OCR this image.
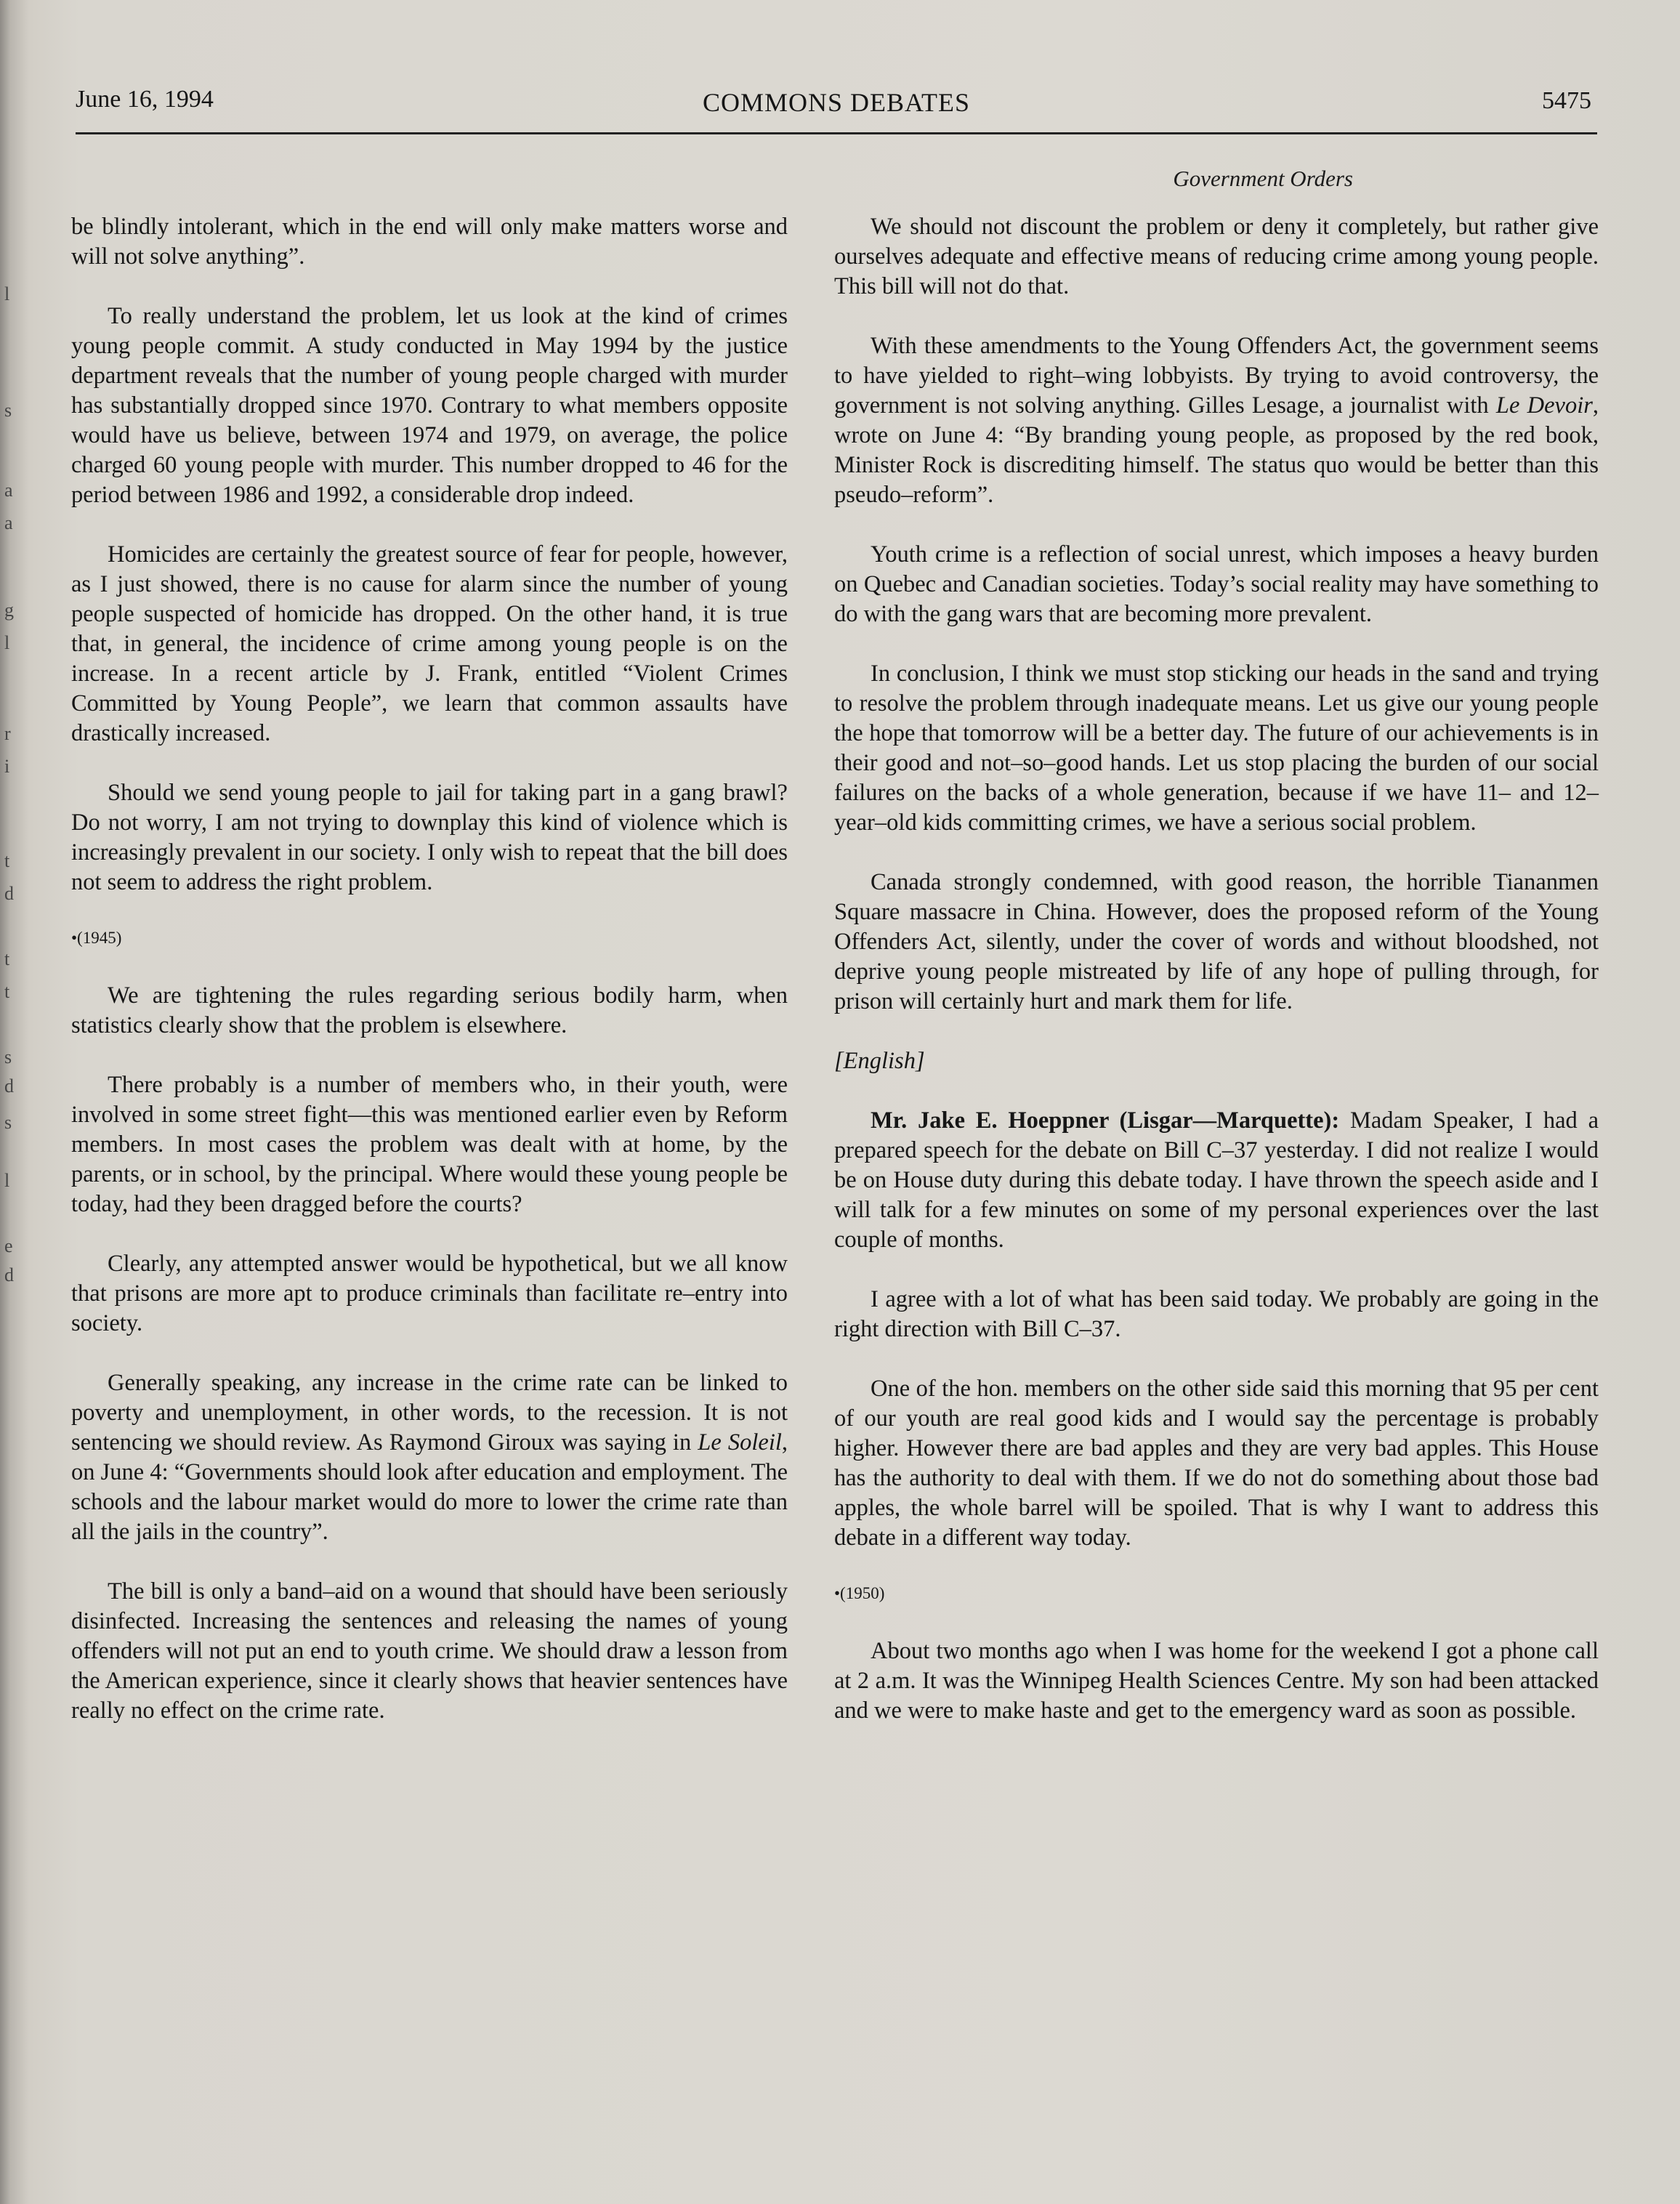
l
s
a
a
g
l
r
i
t
d
t
t
s
d
s
l
e
d
June 16, 1994	COMMONS DEBATES	5475
Government Orders

be blindly intolerant, which in the end will only make matters worse and will not solve anything”.

To really understand the problem, let us look at the kind of crimes young people commit. A study conducted in May 1994 by the justice department reveals that the number of young people charged with murder has substantially dropped since 1970. Contrary to what members opposite would have us believe, between 1974 and 1979, on average, the police charged 60 young people with murder. This number dropped to 46 for the period between 1986 and 1992, a considerable drop indeed.

Homicides are certainly the greatest source of fear for people, however, as I just showed, there is no cause for alarm since the number of young people suspected of homicide has dropped. On the other hand, it is true that, in general, the incidence of crime among young people is on the increase. In a recent article by J. Frank, entitled “Violent Crimes Committed by Young People”, we learn that common assaults have drastically increased.

Should we send young people to jail for taking part in a gang brawl? Do not worry, I am not trying to downplay this kind of violence which is increasingly prevalent in our society. I only wish to repeat that the bill does not seem to address the right problem.

•(1945)

We are tightening the rules regarding serious bodily harm, when statistics clearly show that the problem is elsewhere.

There probably is a number of members who, in their youth, were involved in some street fight—this was mentioned earlier even by Reform members. In most cases the problem was dealt with at home, by the parents, or in school, by the principal. Where would these young people be today, had they been dragged before the courts?

Clearly, any attempted answer would be hypothetical, but we all know that prisons are more apt to produce criminals than facilitate re–entry into society.

Generally speaking, any increase in the crime rate can be linked to poverty and unemployment, in other words, to the recession. It is not sentencing we should review. As Raymond Giroux was saying in Le Soleil, on June 4: “Governments should look after education and employment. The schools and the labour market would do more to lower the crime rate than all the jails in the country”.

The bill is only a band–aid on a wound that should have been seriously disinfected. Increasing the sentences and releasing the names of young offenders will not put an end to youth crime. We should draw a lesson from the American experience, since it clearly shows that heavier sentences have really no effect on the crime rate.

We should not discount the problem or deny it completely, but rather give ourselves adequate and effective means of reducing crime among young people. This bill will not do that.

With these amendments to the Young Offenders Act, the government seems to have yielded to right–wing lobbyists. By trying to avoid controversy, the government is not solving anything. Gilles Lesage, a journalist with Le Devoir, wrote on June 4: “By branding young people, as proposed by the red book, Minister Rock is discrediting himself. The status quo would be better than this pseudo–reform”.

Youth crime is a reflection of social unrest, which imposes a heavy burden on Quebec and Canadian societies. Today’s social reality may have something to do with the gang wars that are becoming more prevalent.

In conclusion, I think we must stop sticking our heads in the sand and trying to resolve the problem through inadequate means. Let us give our young people the hope that tomorrow will be a better day. The future of our achievements is in their good and not–so–good hands. Let us stop placing the burden of our social failures on the backs of a whole generation, because if we have 11– and 12–year–old kids committing crimes, we have a serious social problem.

Canada strongly condemned, with good reason, the horrible Tiananmen Square massacre in China. However, does the proposed reform of the Young Offenders Act, silently, under the cover of words and without bloodshed, not deprive young people mistreated by life of any hope of pulling through, for prison will certainly hurt and mark them for life.

[English]

Mr. Jake E. Hoeppner (Lisgar—Marquette): Madam Speaker, I had a prepared speech for the debate on Bill C–37 yesterday. I did not realize I would be on House duty during this debate today. I have thrown the speech aside and I will talk for a few minutes on some of my personal experiences over the last couple of months.

I agree with a lot of what has been said today. We probably are going in the right direction with Bill C–37.

One of the hon. members on the other side said this morning that 95 per cent of our youth are real good kids and I would say the percentage is probably higher. However there are bad apples and they are very bad apples. This House has the authority to deal with them. If we do not do something about those bad apples, the whole barrel will be spoiled. That is why I want to address this debate in a different way today.

•(1950)

About two months ago when I was home for the weekend I got a phone call at 2 a.m. It was the Winnipeg Health Sciences Centre. My son had been attacked and we were to make haste and get to the emergency ward as soon as possible.
